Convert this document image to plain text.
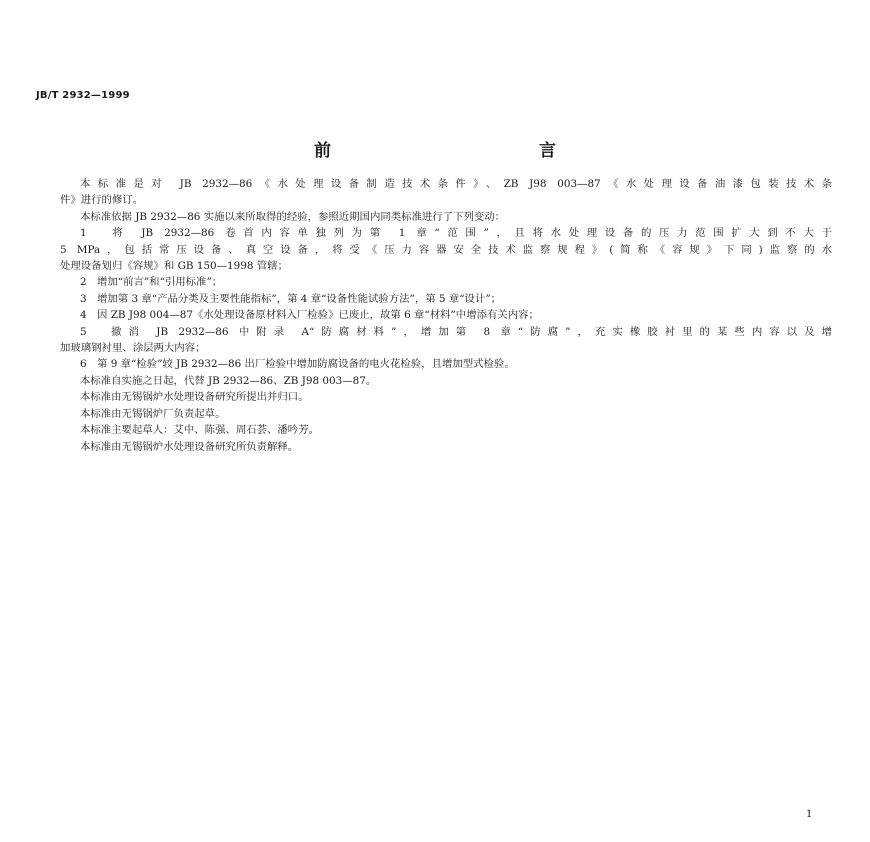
JB/T 2932—1999
前　　言

本标准是对 JB 2932—86《水处理设备制造技术条件》、ZB J98 003—87《水处理设备油漆包装技术条

件》进行的修订。

本标准依据 JB 2932—86 实施以来所取得的经验，参照近期国内同类标准进行了下列变动：

1　将 JB 2932—86 卷首内容单独列为第 1 章“范围”，且将水处理设备的压力范围扩大到不大于

5 MPa，包括常压设备、真空设备，将受《压力容器安全技术监察规程》(简称《容规》下同)监察的水

处理设备划归《容规》和 GB 150—1998 管辖；

2　增加“前言”和“引用标准”；

3　增加第 3 章“产品分类及主要性能指标”，第 4 章“设备性能试验方法”，第 5 章“设计”；

4　因 ZB J98 004—87《水处理设备原材料入厂检验》已废止，故第 6 章“材料”中增添有关内容；

5　撤消 JB 2932—86 中附录 A“防腐材料”，增加第 8 章“防腐”，充实橡胶衬里的某些内容以及增

加玻璃钢衬里、涂层两大内容；

6　第 9 章“检验”较 JB 2932—86 出厂检验中增加防腐设备的电火花检验，且增加型式检验。

本标准自实施之日起，代替 JB 2932—86、ZB J98 003—87。

本标准由无锡锅炉水处理设备研究所提出并归口。

本标准由无锡锅炉厂负责起草。

本标准主要起草人：艾中、陈强、周石荟、潘吟芳。

本标准由无锡锅炉水处理设备研究所负责解释。

1
